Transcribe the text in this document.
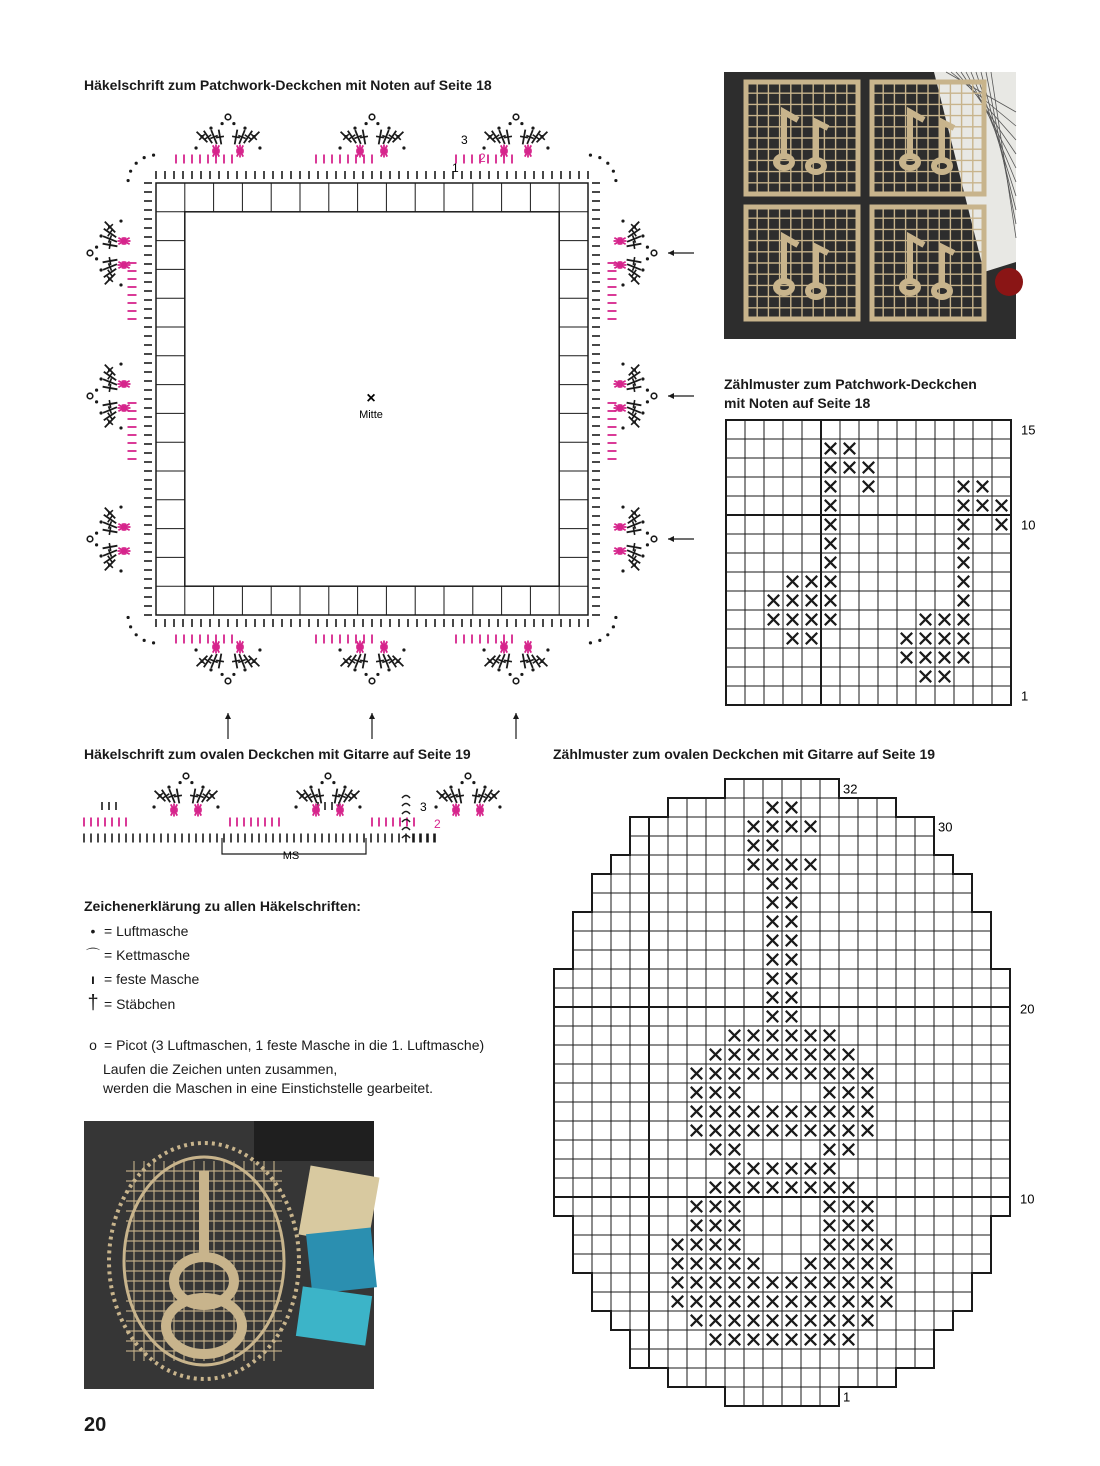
Häkelschrift zum Patchwork-Deckchen mit Noten auf Seite 18
Zählmuster zum Patchwork-Deckchen
mit Noten auf Seite 18
Häkelschrift zum ovalen Deckchen mit Gitarre auf Seite 19	Zählmuster zum ovalen Deckchen mit Gitarre auf Seite 19
Mitte
×
3
2
1
15
10
1
MS
3
2
Zeichenerklärung zu allen Häkelschriften:
• = Luftmasche
⌒ = Kettmasche
ı = feste Masche
† = Stäbchen
o = Picot (3 Luftmaschen, 1 feste Masche in die 1. Luftmasche)
Laufen die Zeichen unten zusammen,
werden die Maschen in eine Einstichstelle gearbeitet.
32
30
20
10
1
20
